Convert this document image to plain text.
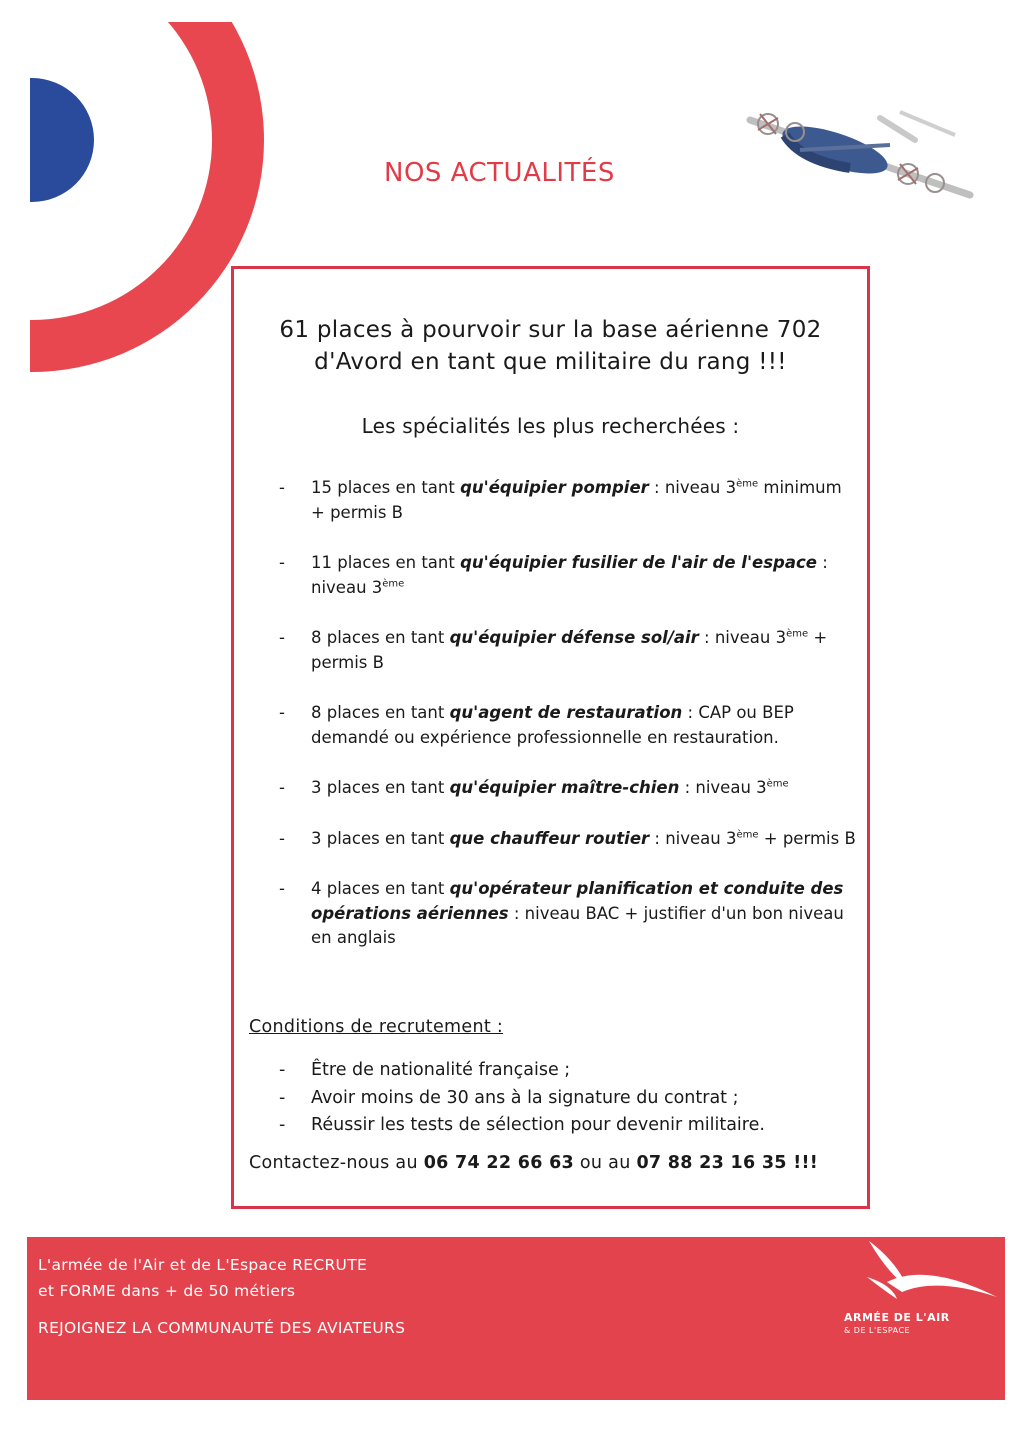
NOS ACTUALITÉS
61 places à pourvoir sur la base aérienne 702
d'Avord en tant que militaire du rang !!!
Les spécialités les plus recherchées :
- 15 places en tant qu'équipier pompier : niveau 3ème minimum + permis B
- 11 places en tant qu'équipier fusilier de l'air de l'espace : niveau 3ème
- 8 places en tant qu'équipier défense sol/air : niveau 3ème + permis B
- 8 places en tant qu'agent de restauration : CAP ou BEP demandé ou expérience professionnelle en restauration.
- 3 places en tant qu'équipier maître-chien : niveau 3ème
- 3 places en tant que chauffeur routier : niveau 3ème + permis B
- 4 places en tant qu'opérateur planification et conduite des opérations aériennes : niveau BAC + justifier d'un bon niveau en anglais
Conditions de recrutement :
- Être de nationalité française ;
- Avoir moins de 30 ans à la signature du contrat ;
- Réussir les tests de sélection pour devenir militaire.
Contactez-nous au 06 74 22 66 63 ou au 07 88 23 16 35 !!!
L'armée de l'Air et de L'Espace RECRUTE
et FORME dans + de 50 métiers
REJOIGNEZ LA COMMUNAUTÉ DES AVIATEURS
ARMÉE DE L'AIR
& DE L'ESPACE
